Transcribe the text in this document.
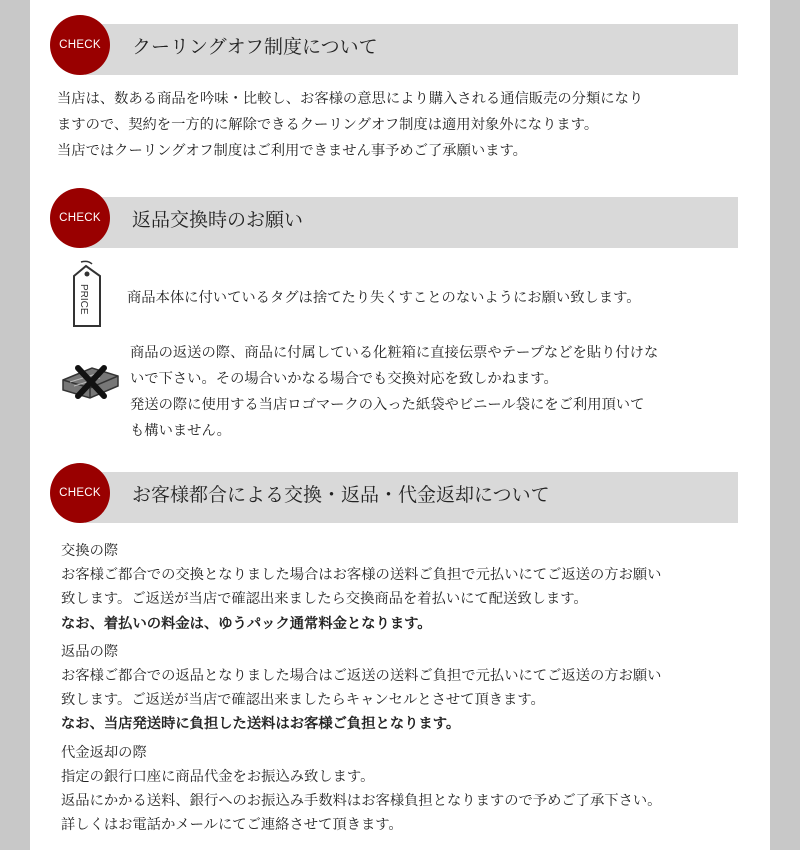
CHECK	クーリングオフ制度について
当店は、数ある商品を吟味・比較し、お客様の意思により購入される通信販売の分類になり
ますので、契約を一方的に解除できるクーリングオフ制度は適用対象外になります。
当店ではクーリングオフ制度はご利用できません事予めご了承願います。
CHECK	返品交換時のお願い
PRICE	商品本体に付いているタグは捨てたり失くすことのないようにお願い致します。
商品の返送の際、商品に付属している化粧箱に直接伝票やテープなどを貼り付けな
いで下さい。その場合いかなる場合でも交換対応を致しかねます。
発送の際に使用する当店ロゴマークの入った紙袋やビニール袋にをご利用頂いて
も構いません。
CHECK	お客様都合による交換・返品・代金返却について
交換の際
お客様ご都合での交換となりました場合はお客様の送料ご負担で元払いにてご返送の方お願い
致します。ご返送が当店で確認出来ましたら交換商品を着払いにて配送致します。
なお、着払いの料金は、ゆうパック通常料金となります。
返品の際
お客様ご都合での返品となりました場合はご返送の送料ご負担で元払いにてご返送の方お願い
致します。ご返送が当店で確認出来ましたらキャンセルとさせて頂きます。
なお、当店発送時に負担した送料はお客様ご負担となります。
代金返却の際
指定の銀行口座に商品代金をお振込み致します。
返品にかかる送料、銀行へのお振込み手数料はお客様負担となりますので予めご了承下さい。
詳しくはお電話かメールにてご連絡させて頂きます。
